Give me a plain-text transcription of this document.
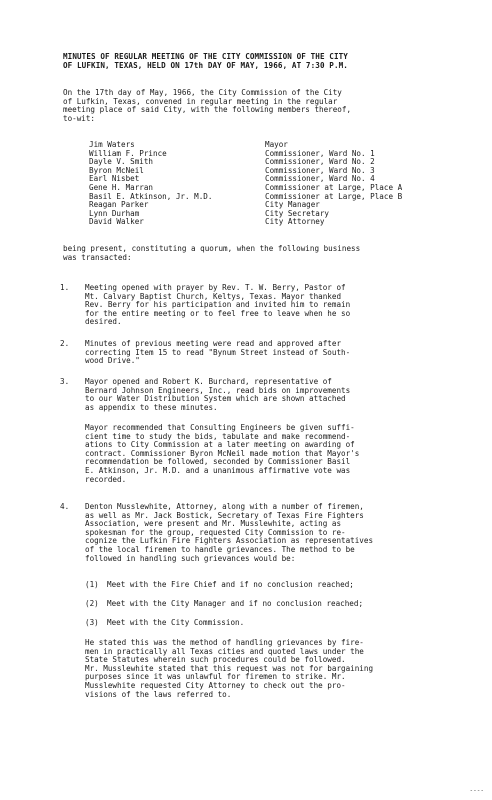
MINUTES OF REGULAR MEETING OF THE CITY COMMISSION OF THE CITY
OF LUFKIN, TEXAS, HELD ON 17th DAY OF MAY, 1966, AT 7:30 P.M.
On the 17th day of May, 1966, the City Commission of the City
of Lufkin, Texas, convened in regular meeting in the regular
meeting place of said City, with the following members thereof,
to-wit:
Jim Waters	Mayor
William F. Prince	Commissioner, Ward No. 1
Dayle V. Smith	Commissioner, Ward No. 2
Byron McNeil	Commissioner, Ward No. 3
Earl Nisbet	Commissioner, Ward No. 4
Gene H. Marran	Commissioner at Large, Place A
Basil E. Atkinson, Jr. M.D.	Commissioner at Large, Place B
Reagan Parker	City Manager
Lynn Durham	City Secretary
David Walker	City Attorney
being present, constituting a quorum, when the following business
was transacted:
1.	Meeting opened with prayer by Rev. T. W. Berry, Pastor of
Mt. Calvary Baptist Church, Keltys, Texas. Mayor thanked
Rev. Berry for his participation and invited him to remain
for the entire meeting or to feel free to leave when he so
desired.
2.	Minutes of previous meeting were read and approved after
correcting Item 15 to read "Bynum Street instead of South-
wood Drive."
3.	Mayor opened and Robert K. Burchard, representative of
Bernard Johnson Engineers, Inc., read bids on improvements
to our Water Distribution System which are shown attached
as appendix to these minutes.
Mayor recommended that Consulting Engineers be given suffi-
cient time to study the bids, tabulate and make recommend-
ations to City Commission at a later meeting on awarding of
contract. Commissioner Byron McNeil made motion that Mayor's
recommendation be followed, seconded by Commissioner Basil
E. Atkinson, Jr. M.D. and a unanimous affirmative vote was
recorded.
4.	Denton Musslewhite, Attorney, along with a number of firemen,
as well as Mr. Jack Bostick, Secretary of Texas Fire Fighters
Association, were present and Mr. Musslewhite, acting as
spokesman for the group, requested City Commission to re-
cognize the Lufkin Fire Fighters Association as representatives
of the local firemen to handle grievances. The method to be
followed in handling such grievances would be:
(1)	Meet with the Fire Chief and if no conclusion reached;
(2)	Meet with the City Manager and if no conclusion reached;
(3)	Meet with the City Commission.
He stated this was the method of handling grievances by fire-
men in practically all Texas cities and quoted laws under the
State Statutes wherein such procedures could be followed.
Mr. Musslewhite stated that this request was not for bargaining
purposes since it was unlawful for firemen to strike. Mr.
Musslewhite requested City Attorney to check out the pro-
visions of the laws referred to.
----
